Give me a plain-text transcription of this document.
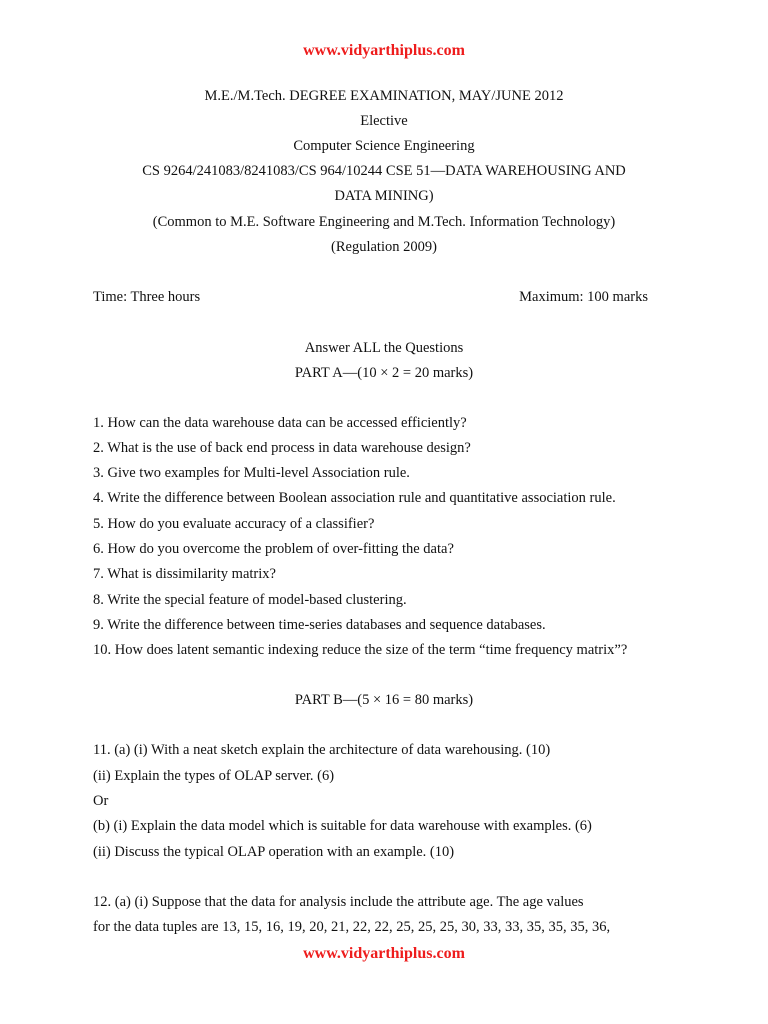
www.vidyarthiplus.com
M.E./M.Tech. DEGREE EXAMINATION, MAY/JUNE 2012
Elective
Computer Science Engineering
CS 9264/241083/8241083/CS 964/10244 CSE 51—DATA WAREHOUSING AND
DATA MINING)
(Common to M.E. Software Engineering and M.Tech. Information Technology)
(Regulation 2009)
Time: Three hours	Maximum: 100 marks
Answer ALL the Questions
PART A—(10 × 2 = 20 marks)
1. How can the data warehouse data can be accessed efficiently?
2. What is the use of back end process in data warehouse design?
3. Give two examples for Multi-level Association rule.
4. Write the difference between Boolean association rule and quantitative association rule.
5. How do you evaluate accuracy of a classifier?
6. How do you overcome the problem of over-fitting the data?
7. What is dissimilarity matrix?
8. Write the special feature of model-based clustering.
9. Write the difference between time-series databases and sequence databases.
10. How does latent semantic indexing reduce the size of the term “time frequency matrix”?
PART B—(5 × 16 = 80 marks)
11. (a) (i) With a neat sketch explain the architecture of data warehousing. (10)
(ii) Explain the types of OLAP server. (6)
Or
(b) (i) Explain the data model which is suitable for data warehouse with examples. (6)
(ii) Discuss the typical OLAP operation with an example. (10)
12. (a) (i) Suppose that the data for analysis include the attribute age. The age values
for the data tuples are 13, 15, 16, 19, 20, 21, 22, 22, 25, 25, 25, 30, 33, 33, 35, 35, 35, 36,
www.vidyarthiplus.com
